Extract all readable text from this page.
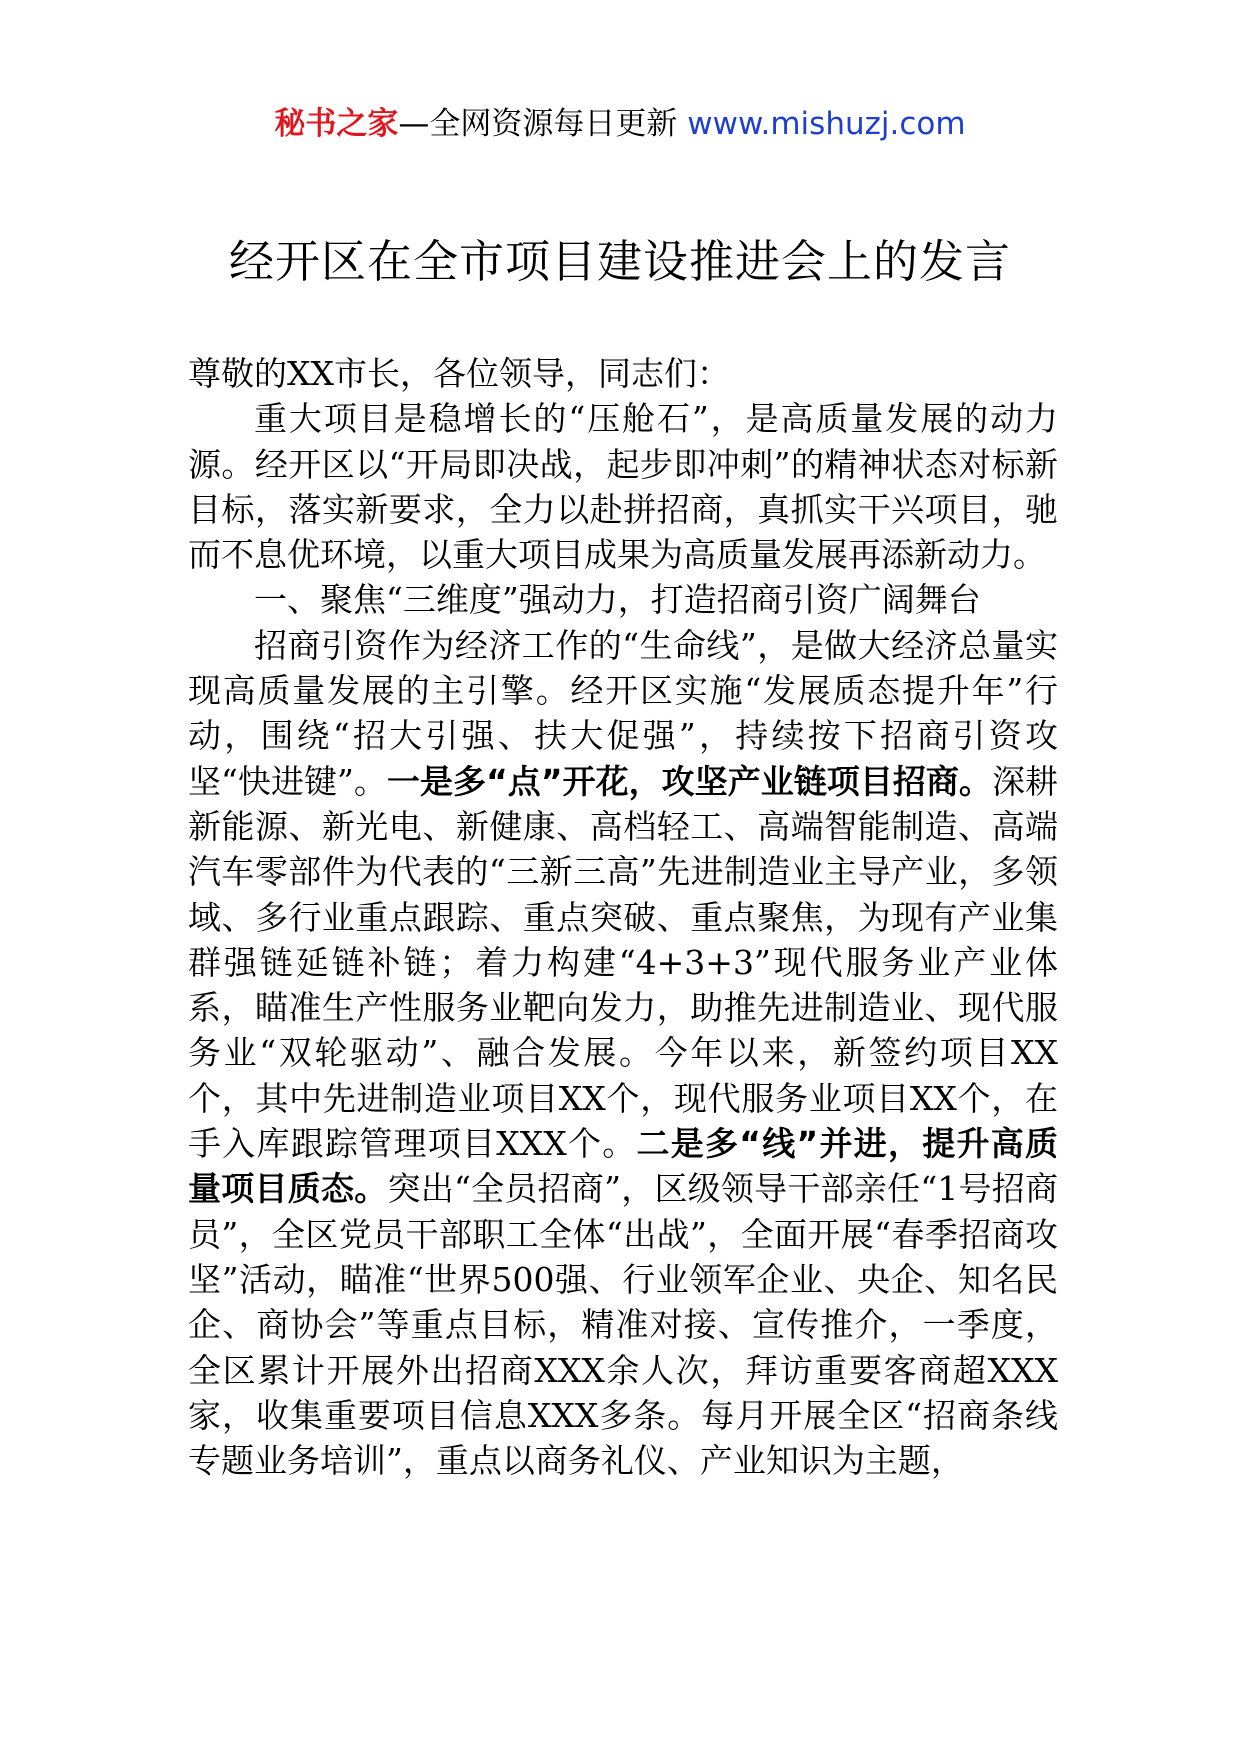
秘书之家—全网资源每日更新 www.mishuzj.com
经开区在全市项目建设推进会上的发言

尊敬的XX市长，各位领导，同志们：

重大项目是稳增长的“压舱石”，是高质量发展的动力源。经开区以“开局即决战，起步即冲刺”的精神状态对标新目标，落实新要求，全力以赴拼招商，真抓实干兴项目，驰而不息优环境，以重大项目成果为高质量发展再添新动力。

一、聚焦“三维度”强动力，打造招商引资广阔舞台

招商引资作为经济工作的“生命线”，是做大经济总量实现高质量发展的主引擎。经开区实施“发展质态提升年”行动，围绕“招大引强、扶大促强”，持续按下招商引资攻坚“快进键”。一是多“点”开花，攻坚产业链项目招商。深耕新能源、新光电、新健康、高档轻工、高端智能制造、高端汽车零部件为代表的“三新三高”先进制造业主导产业，多领域、多行业重点跟踪、重点突破、重点聚焦，为现有产业集群强链延链补链；着力构建“4+3+3”现代服务业产业体系，瞄准生产性服务业靶向发力，助推先进制造业、现代服务业“双轮驱动”、融合发展。今年以来，新签约项目XX个，其中先进制造业项目XX个，现代服务业项目XX个，在手入库跟踪管理项目XXX个。二是多“线”并进，提升高质量项目质态。突出“全员招商”，区级领导干部亲任“1号招商员”，全区党员干部职工全体“出战”，全面开展“春季招商攻坚”活动，瞄准“世界500强、行业领军企业、央企、知名民企、商协会”等重点目标，精准对接、宣传推介，一季度，全区累计开展外出招商XXX余人次，拜访重要客商超XXX家，收集重要项目信息XXX多条。每月开展全区“招商条线专题业务培训”，重点以商务礼仪、产业知识为主题，
